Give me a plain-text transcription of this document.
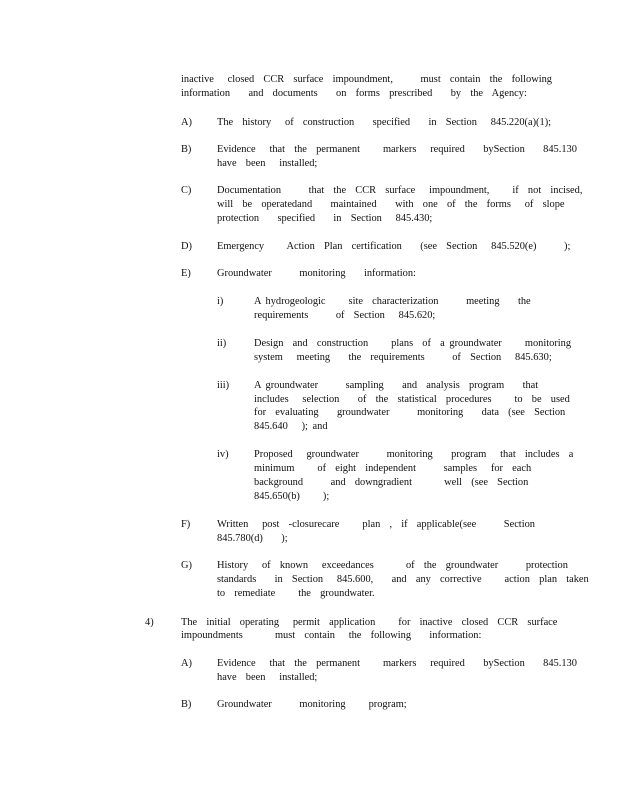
inactive   closed  CCR  surface  impoundment,      must  contain  the  following
information    and  documents    on  forms  prescribed    by  the  Agency:
A) The  history   of  construction    specified    in  Section   845.220(a)(1);
B) Evidence   that  the  permanent     markers   required    bySection    845.130
have  been   installed;
C) Documentation      that  the  CCR  surface   impoundment,     if  not  incised,
will  be  operatedand    maintained    with  one  of  the  forms   of  slope
protection    specified    in  Section   845.430;
D) Emergency     Action  Plan  certification    (see  Section   845.520(e)      );
E)	Groundwater      monitoring    information:
i)	A hydrogeologic     site  characterization      meeting    the
requirements      of  Section   845.620;
ii)	Design  and  construction     plans  of  a groundwater     monitoring
system   meeting    the  requirements      of  Section   845.630;
iii) A groundwater      sampling    and  analysis  program    that
includes   selection    of  the  statistical  procedures     to  be  used
for  evaluating    groundwater      monitoring    data  (see  Section
845.640   ); and
iv) Proposed   groundwater      monitoring    program   that  includes  a
minimum     of  eight  independent      samples   for  each
background      and  downgradient       well  (see  Section
845.650(b)     );
F)	Written   post  -closurecare     plan  ,  if  applicable(see      Section
845.780(d)    );
G) History   of  known   exceedances       of  the  groundwater      protection
standards    in  Section   845.600,    and  any  corrective     action  plan  taken
to  remediate     the  groundwater.
4)	The  initial  operating   permit  application     for  inactive  closed  CCR  surface
impoundments       must  contain   the  following    information:
A) Evidence   that  the  permanent     markers   required    bySection    845.130
have  been   installed;
B) Groundwater      monitoring     program;
